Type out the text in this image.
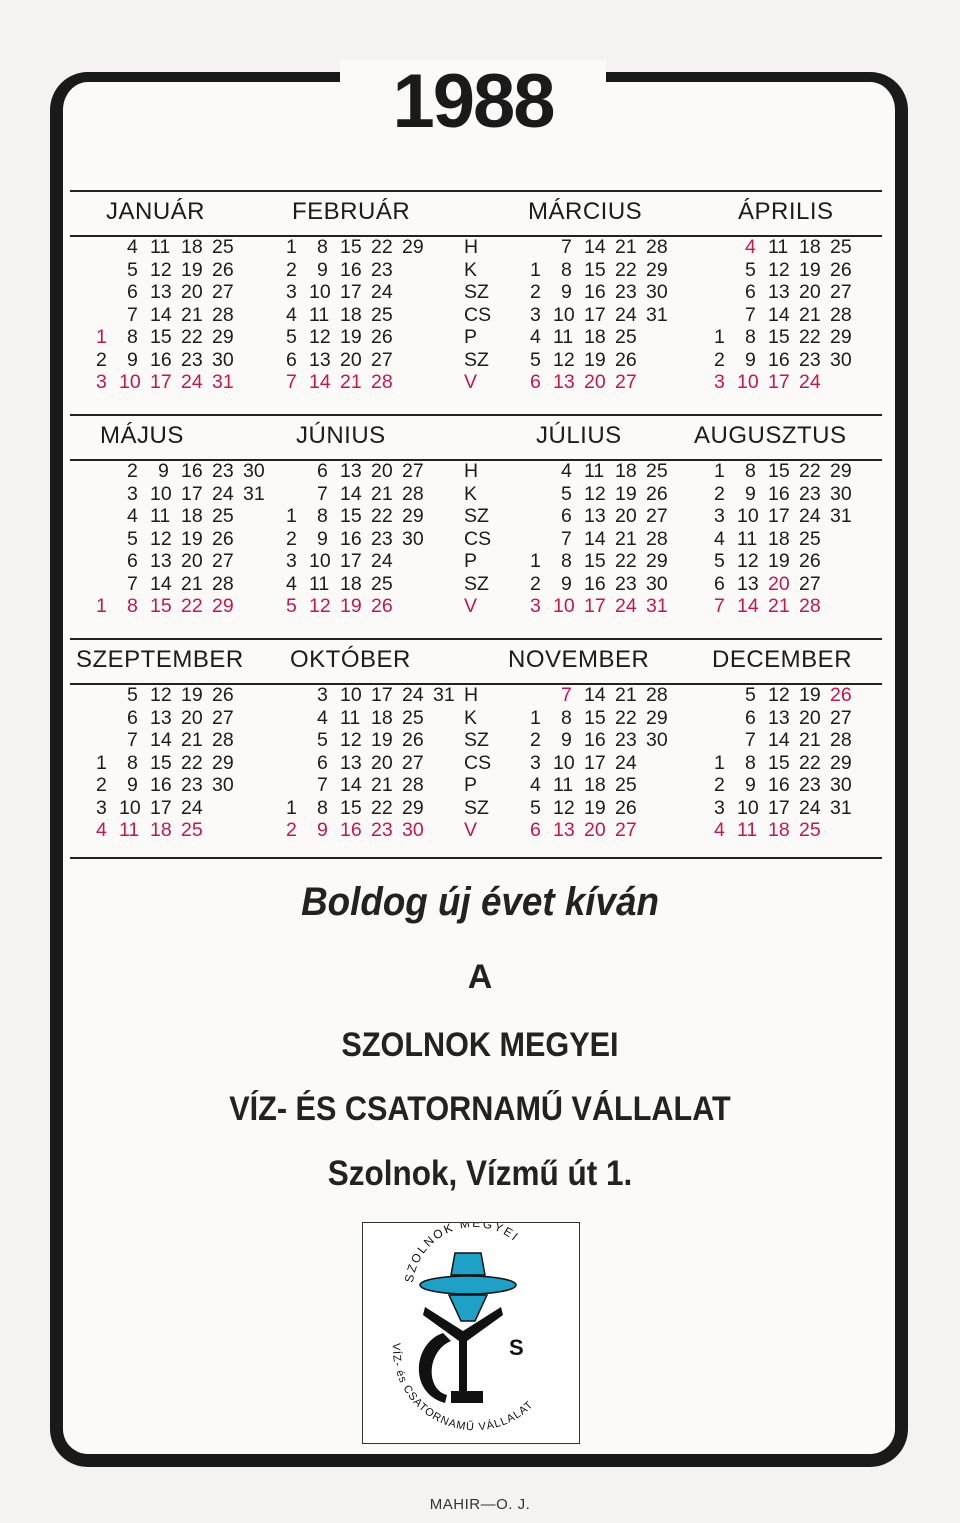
1988
JANUÁR
1
2
3
4
5
6
7
8
9
10
11
12
13
14
15
16
17
18
19
20
21
22
23
24
25
26
27
28
29
30
31
FEBRUÁR
1
2
3
4
5
6
7
8
9
10
11
12
13
14
15
16
17
18
19
20
21
22
23
24
25
26
27
28
29
MÁRCIUS
1
2
3
4
5
6
7
8
9
10
11
12
13
14
15
16
17
18
19
20
21
22
23
24
25
26
27
28
29
30
31
ÁPRILIS
1
2
3
4
5
6
7
8
9
10
11
12
13
14
15
16
17
18
19
20
21
22
23
24
25
26
27
28
29
30
H
K
SZ
CS
P
SZ
V
MÁJUS
1
2
3
4
5
6
7
8
9
10
11
12
13
14
15
16
17
18
19
20
21
22
23
24
25
26
27
28
29
30
31
JÚNIUS
1
2
3
4
5
6
7
8
9
10
11
12
13
14
15
16
17
18
19
20
21
22
23
24
25
26
27
28
29
30
JÚLIUS
1
2
3
4
5
6
7
8
9
10
11
12
13
14
15
16
17
18
19
20
21
22
23
24
25
26
27
28
29
30
31
AUGUSZTUS
1
2
3
4
5
6
7
8
9
10
11
12
13
14
15
16
17
18
19
20
21
22
23
24
25
26
27
28
29
30
31
H
K
SZ
CS
P
SZ
V
SZEPTEMBER
1
2
3
4
5
6
7
8
9
10
11
12
13
14
15
16
17
18
19
20
21
22
23
24
25
26
27
28
29
30
OKTÓBER
1
2
3
4
5
6
7
8
9
10
11
12
13
14
15
16
17
18
19
20
21
22
23
24
25
26
27
28
29
30
31
NOVEMBER
1
2
3
4
5
6
7
8
9
10
11
12
13
14
15
16
17
18
19
20
21
22
23
24
25
26
27
28
29
30
DECEMBER
1
2
3
4
5
6
7
8
9
10
11
12
13
14
15
16
17
18
19
20
21
22
23
24
25
26
27
28
29
30
31
H
K
SZ
CS
P
SZ
V
Boldog új évet kíván
A
SZOLNOK MEGYEI
VÍZ- ÉS CSATORNAMŰ VÁLLALAT
Szolnok, Vízmű út 1.
SZOLNOK MEGYEI
VÍZ- és CSATORNAMŰ VÁLLALAT
S
MAHIR—O. J.
